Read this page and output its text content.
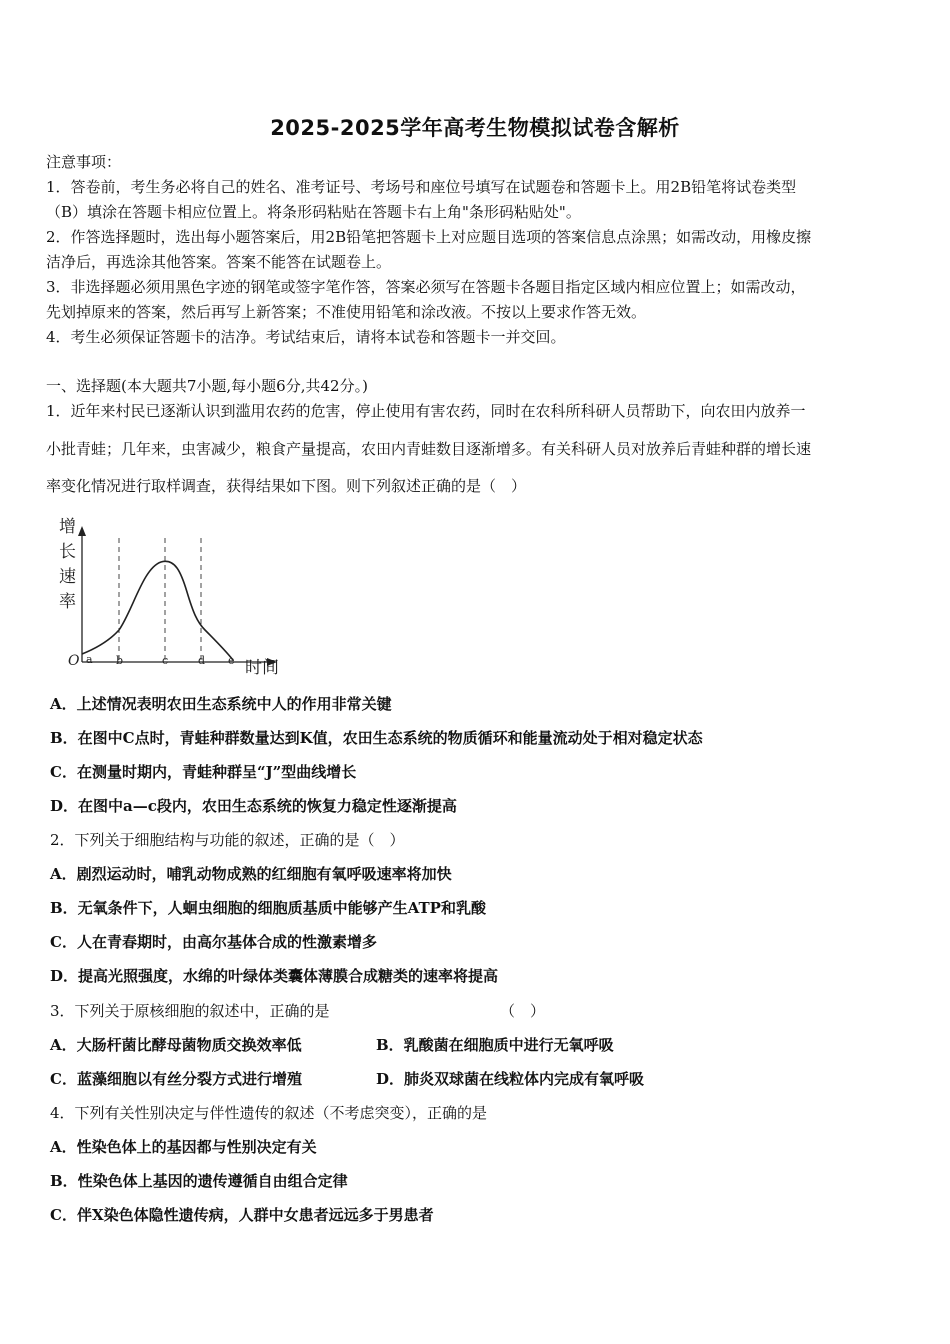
2025-2025学年高考生物模拟试卷含解析
注意事项：
1．答卷前，考生务必将自己的姓名、准考证号、考场号和座位号填写在试题卷和答题卡上。用2B铅笔将试卷类型
（B）填涂在答题卡相应位置上。将条形码粘贴在答题卡右上角"条形码粘贴处"。
2．作答选择题时，选出每小题答案后，用2B铅笔把答题卡上对应题目选项的答案信息点涂黑；如需改动，用橡皮擦
洁净后，再选涂其他答案。答案不能答在试题卷上。
3．非选择题必须用黑色字迹的钢笔或签字笔作答，答案必须写在答题卡各题目指定区域内相应位置上；如需改动，
先划掉原来的答案，然后再写上新答案；不准使用铅笔和涂改液。不按以上要求作答无效。
4．考生必须保证答题卡的洁净。考试结束后，请将本试卷和答题卡一并交回。
一、选择题(本大题共7小题,每小题6分,共42分。)
1．近年来村民已逐渐认识到滥用农药的危害，停止使用有害农药，同时在农科所科研人员帮助下，向农田内放养一
小批青蛙；几年来，虫害减少，粮食产量提高，农田内青蛙数目逐渐增多。有关科研人员对放养后青蛙种群的增长速
率变化情况进行取样调查，获得结果如下图。则下列叙述正确的是（　）
增
长
速
率
O a b	c	d e 时间
A．上述情况表明农田生态系统中人的作用非常关键
B．在图中C点时，青蛙种群数量达到K值，农田生态系统的物质循环和能量流动处于相对稳定状态
C．在测量时期内，青蛙种群呈“J”型曲线增长
D．在图中a—c段内，农田生态系统的恢复力稳定性逐渐提高
2．下列关于细胞结构与功能的叙述，正确的是（　）
A．剧烈运动时，哺乳动物成熟的红细胞有氧呼吸速率将加快
B．无氧条件下，人蛔虫细胞的细胞质基质中能够产生ATP和乳酸
C．人在青春期时，由高尔基体合成的性激素增多
D．提高光照强度，水绵的叶绿体类囊体薄膜合成糖类的速率将提高
3．下列关于原核细胞的叙述中，正确的是	（　）
A．大肠杆菌比酵母菌物质交换效率低	B．乳酸菌在细胞质中进行无氧呼吸
C．蓝藻细胞以有丝分裂方式进行增殖	D．肺炎双球菌在线粒体内完成有氧呼吸
4．下列有关性别决定与伴性遗传的叙述（不考虑突变），正确的是
A．性染色体上的基因都与性别决定有关
B．性染色体上基因的遗传遵循自由组合定律
C．伴X染色体隐性遗传病，人群中女患者远远多于男患者
